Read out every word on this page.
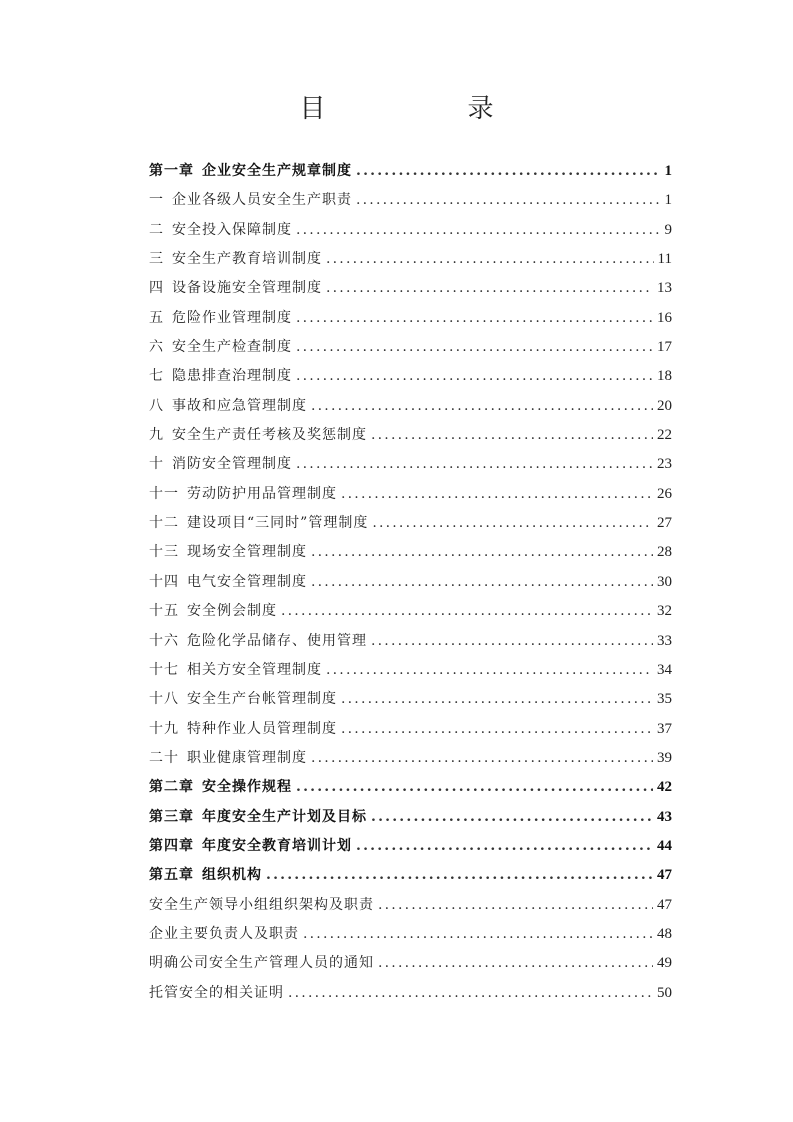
目　录
第一章 企业安全生产规章制度 .....	1
一 企业各级人员安全生产职责 .....	1
二 安全投入保障制度 .....	9
三 安全生产教育培训制度 .....	11
四 设备设施安全管理制度 .....	13
五 危险作业管理制度 .....	16
六 安全生产检查制度 .....	17
七 隐患排查治理制度 .....	18
八 事故和应急管理制度 .....	20
九 安全生产责任考核及奖惩制度 .....	22
十 消防安全管理制度 .....	23
十一 劳动防护用品管理制度 .....	26
十二 建设项目“三同时”管理制度 .....	27
十三 现场安全管理制度 .....	28
十四 电气安全管理制度 .....	30
十五 安全例会制度 .....	32
十六 危险化学品储存、使用管理 .....	33
十七 相关方安全管理制度 .....	34
十八 安全生产台帐管理制度 .....	35
十九 特种作业人员管理制度 .....	37
二十 职业健康管理制度 .....	39
第二章 安全操作规程 .....	42
第三章 年度安全生产计划及目标 .....	43
第四章 年度安全教育培训计划 .....	44
第五章 组织机构 .....	47
安全生产领导小组组织架构及职责 .....	47
企业主要负责人及职责 .....	48
明确公司安全生产管理人员的通知 .....	49
托管安全的相关证明 .....	50
